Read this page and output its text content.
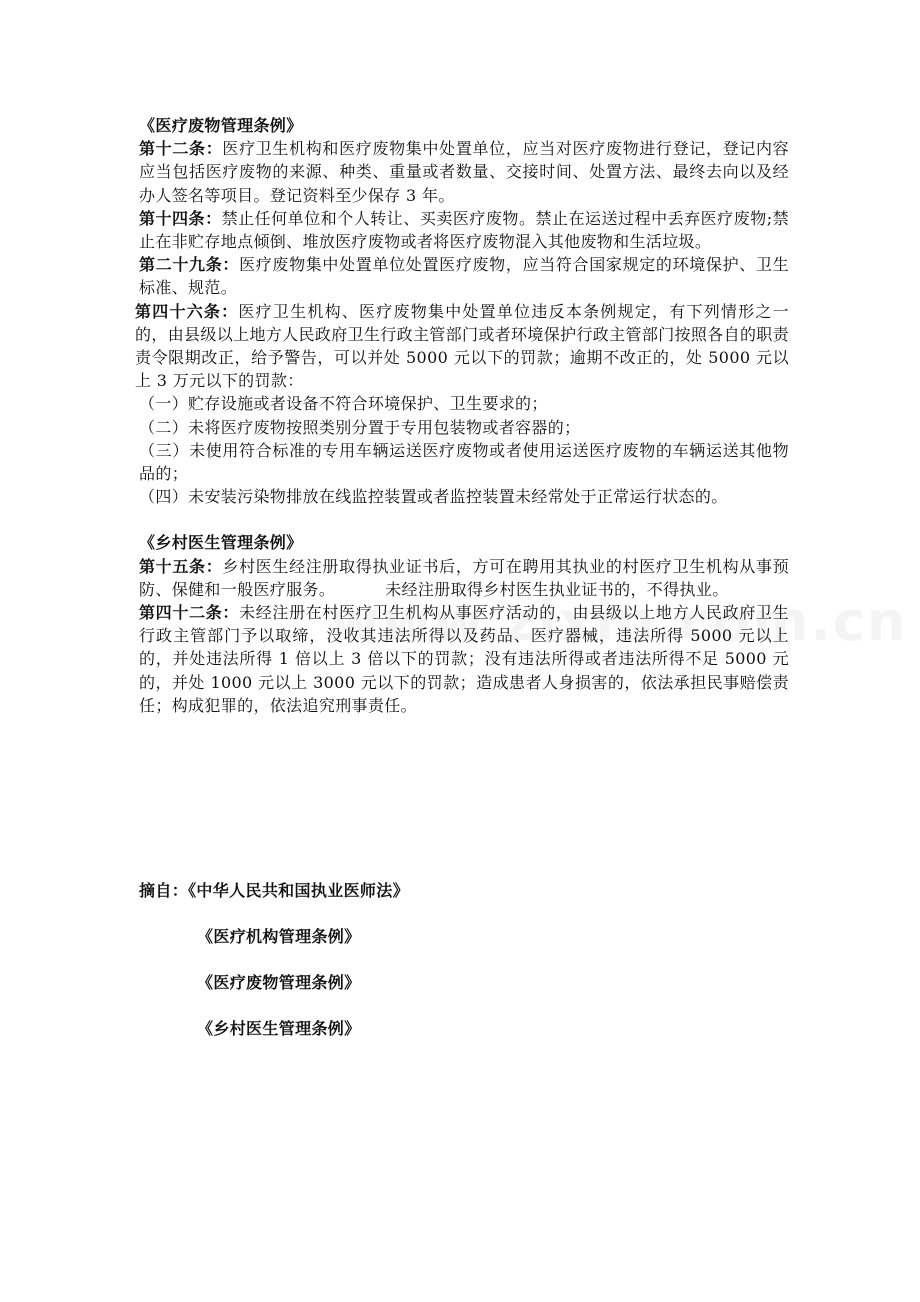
《医疗废物管理条例》

第十二条：医疗卫生机构和医疗废物集中处置单位，应当对医疗废物进行登记，登记内容应当包括医疗废物的来源、种类、重量或者数量、交接时间、处置方法、最终去向以及经办人签名等项目。登记资料至少保存 3 年。

第十四条：禁止任何单位和个人转让、买卖医疗废物。禁止在运送过程中丢弃医疗废物;禁止在非贮存地点倾倒、堆放医疗废物或者将医疗废物混入其他废物和生活垃圾。

第二十九条：医疗废物集中处置单位处置医疗废物，应当符合国家规定的环境保护、卫生标准、规范。

第四十六条：医疗卫生机构、医疗废物集中处置单位违反本条例规定，有下列情形之一的，由县级以上地方人民政府卫生行政主管部门或者环境保护行政主管部门按照各自的职责责令限期改正，给予警告，可以并处 5000 元以下的罚款；逾期不改正的，处 5000 元以上 3 万元以下的罚款：

（一）贮存设施或者设备不符合环境保护、卫生要求的；

（二）未将医疗废物按照类别分置于专用包装物或者容器的；

（三）未使用符合标准的专用车辆运送医疗废物或者使用运送医疗废物的车辆运送其他物品的；

（四）未安装污染物排放在线监控装置或者监控装置未经常处于正常运行状态的。

《乡村医生管理条例》

第十五条：乡村医生经注册取得执业证书后，方可在聘用其执业的村医疗卫生机构从事预防、保健和一般医疗服务。	未经注册取得乡村医生执业证书的，不得执业。

第四十二条：未经注册在村医疗卫生机构从事医疗活动的，由县级以上地方人民政府卫生行政主管部门予以取缔，没收其违法所得以及药品、医疗器械，违法所得 5000 元以上的，并处违法所得 1 倍以上 3 倍以下的罚款；没有违法所得或者违法所得不足 5000 元的，并处 1000 元以上 3000 元以下的罚款；造成患者人身损害的，依法承担民事赔偿责任；构成犯罪的，依法追究刑事责任。

摘自：《中华人民共和国执业医师法》
《医疗机构管理条例》
《医疗废物管理条例》
《乡村医生管理条例》
